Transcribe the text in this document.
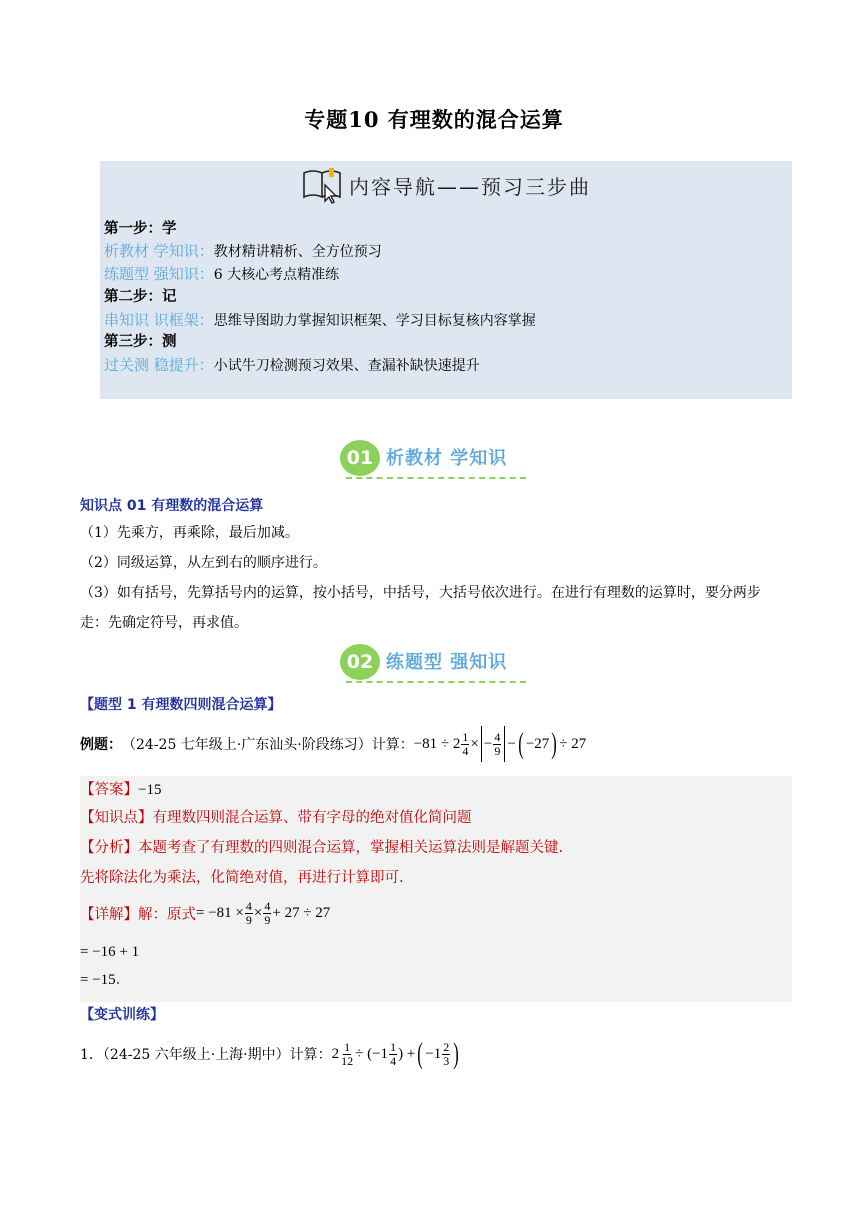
专题10 有理数的混合运算
内容导航——预习三步曲
第一步：学
析教材 学知识：教材精讲精析、全方位预习
练题型 强知识：6 大核心考点精准练
第二步：记
串知识 识框架：思维导图助力掌握知识框架、学习目标复核内容掌握
第三步：测
过关测 稳提升：小试牛刀检测预习效果、查漏补缺快速提升
01 析教材 学知识
知识点 01 有理数的混合运算
（1）先乘方，再乘除，最后加减。
（2）同级运算，从左到右的顺序进行。
（3）如有括号，先算括号内的运算，按小括号，中括号，大括号依次进行。在进行有理数的运算时，要分两步
走：先确定符号，再求值。
02 练题型 强知识
【题型 1 有理数四则混合运算】
例题： （24-25 七年级上·广东汕头·阶段练习）计算： $-81 \div 2 \frac{1}{4}$ × − $\frac{4}{9}$ − ( −27 ) ÷ 27
【答案】−15
【知识点】有理数四则混合运算、带有字母的绝对值化简问题
【分析】本题考查了有理数的四则混合运算，掌握相关运算法则是解题关键.
先将除法化为乘法，化简绝对值，再进行计算即可.
【详解】 解：原式 = $-81 \times \frac{4}{9} \times \frac{4}{9} + 27 \div 27$
= −16 + 1
= −15.
【变式训练】
1．（24-25 六年级上·上海·期中）计算： $2 \frac{1}{12} \div (-1 \frac{1}{4}$ ) + ( $-1 \frac{2}{3}$ )
